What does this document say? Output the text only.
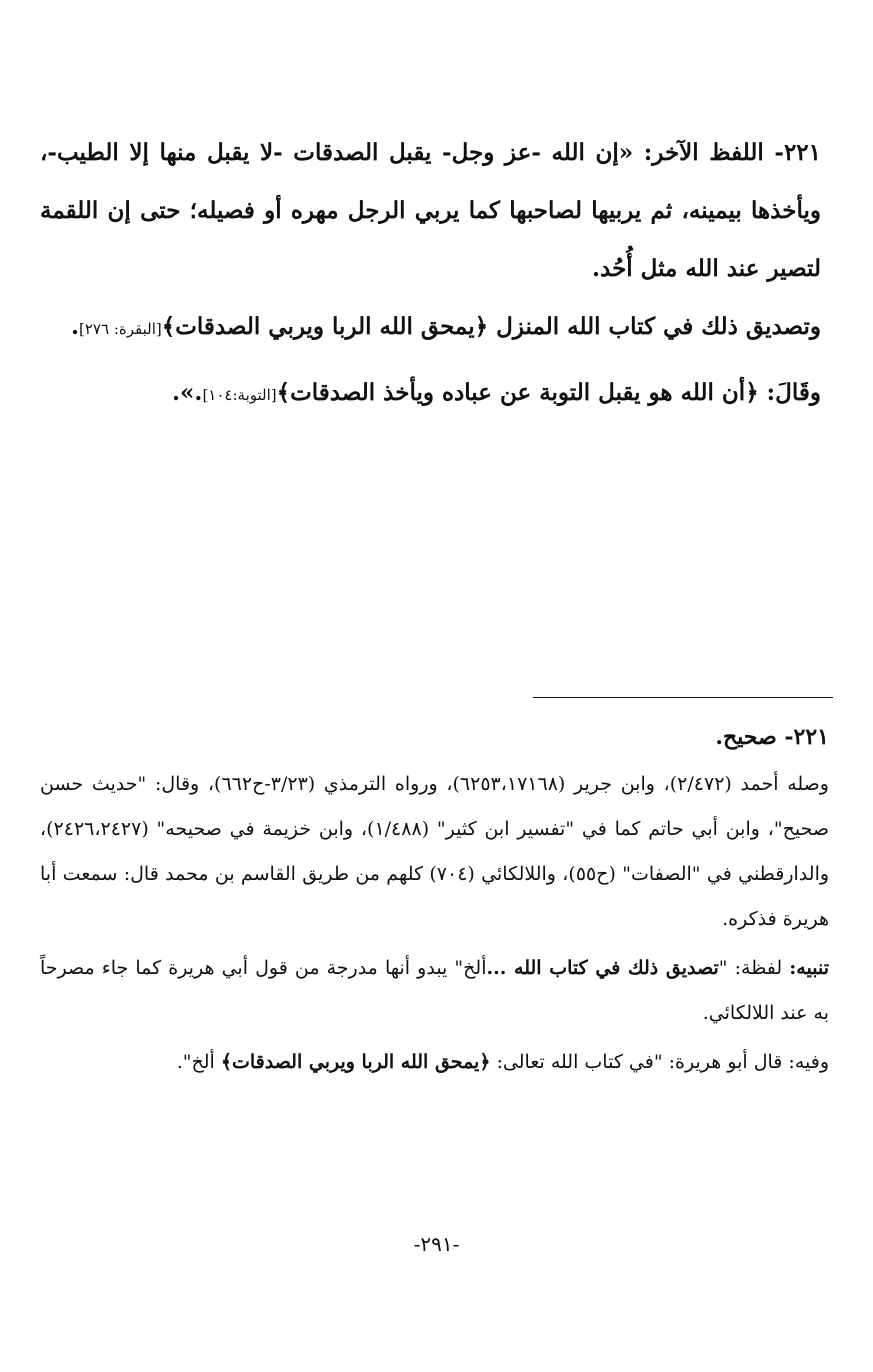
٢٢١- اللفظ الآخر: «إن الله -عز وجل- يقبل الصدقات -لا يقبل منها إلا الطيب-، ويأخذها بيمينه، ثم يربيها لصاحبها كما يربي الرجل مهره أو فصيله؛ حتى إن اللقمة لتصير عند الله مثل أُحُد.

وتصديق ذلك في كتاب الله المنزل ﴿يمحق الله الربا ويربي الصدقات﴾[البقرة: ٢٧٦].

وقَالَ: ﴿أن الله هو يقبل التوبة عن عباده ويأخذ الصدقات﴾[التوبة:١٠٤].».

٢٢١- صحيح.

وصله أحمد (٢/٤٧٢)، وابن جرير (٦٢٥٣،١٧١٦٨)، ورواه الترمذي (٣/٢٣-ح٦٦٢)، وقال: "حديث حسن صحيح"، وابن أبي حاتم كما في "تفسير ابن كثير" (١/٤٨٨)، وابن خزيمة في صحيحه" (٢٤٢٦،٢٤٢٧)، والدارقطني في "الصفات" (ح٥٥)، واللالكائي (٧٠٤) كلهم من طريق القاسم بن محمد قال: سمعت أبا هريرة فذكره.

تنبيه: لفظة: "تصديق ذلك في كتاب الله ...ألخ" يبدو أنها مدرجة من قول أبي هريرة كما جاء مصرحاً به عند اللالكائي.

وفيه: قال أبو هريرة: "في كتاب الله تعالى: ﴿يمحق الله الربا ويربي الصدقات﴾ ألخ".

-٢٩١-
